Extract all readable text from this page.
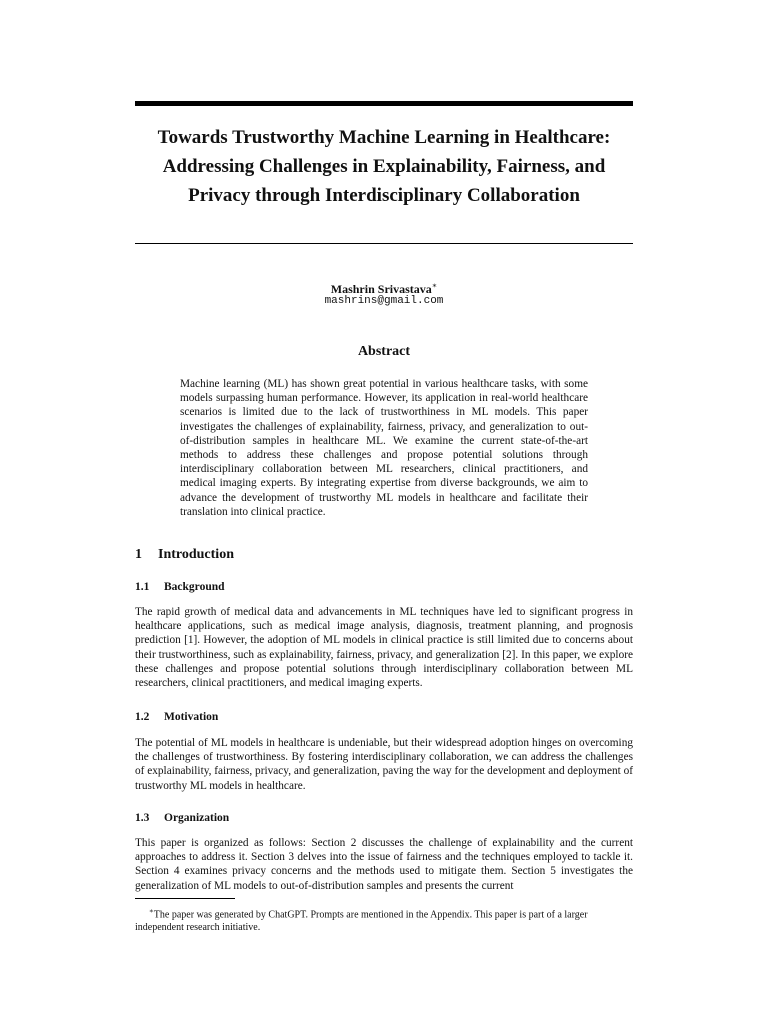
Towards Trustworthy Machine Learning in Healthcare: Addressing Challenges in Explainability, Fairness, and Privacy through Interdisciplinary Collaboration
Mashrin Srivastava∗
mashrins@gmail.com
Abstract

Machine learning (ML) has shown great potential in various healthcare tasks, with some models surpassing human performance. However, its application in real-world healthcare scenarios is limited due to the lack of trustworthiness in ML models. This paper investigates the challenges of explainability, fairness, privacy, and generalization to out-of-distribution samples in healthcare ML. We examine the current state-of-the-art methods to address these challenges and propose potential solutions through interdisciplinary collaboration between ML researchers, clinical practitioners, and medical imaging experts. By integrating expertise from diverse backgrounds, we aim to advance the development of trustworthy ML models in healthcare and facilitate their translation into clinical practice.

1 Introduction
1.1 Background

The rapid growth of medical data and advancements in ML techniques have led to significant progress in healthcare applications, such as medical image analysis, diagnosis, treatment planning, and prognosis prediction [1]. However, the adoption of ML models in clinical practice is still limited due to concerns about their trustworthiness, such as explainability, fairness, privacy, and generalization [2]. In this paper, we explore these challenges and propose potential solutions through interdisciplinary collaboration between ML researchers, clinical practitioners, and medical imaging experts.

1.2 Motivation

The potential of ML models in healthcare is undeniable, but their widespread adoption hinges on overcoming the challenges of trustworthiness. By fostering interdisciplinary collaboration, we can address the challenges of explainability, fairness, privacy, and generalization, paving the way for the development and deployment of trustworthy ML models in healthcare.

1.3 Organization

This paper is organized as follows: Section 2 discusses the challenge of explainability and the current approaches to address it. Section 3 delves into the issue of fairness and the techniques employed to tackle it. Section 4 examines privacy concerns and the methods used to mitigate them. Section 5 investigates the generalization of ML models to out-of-distribution samples and presents the current

∗The paper was generated by ChatGPT. Prompts are mentioned in the Appendix. This paper is part of a larger independent research initiative.
